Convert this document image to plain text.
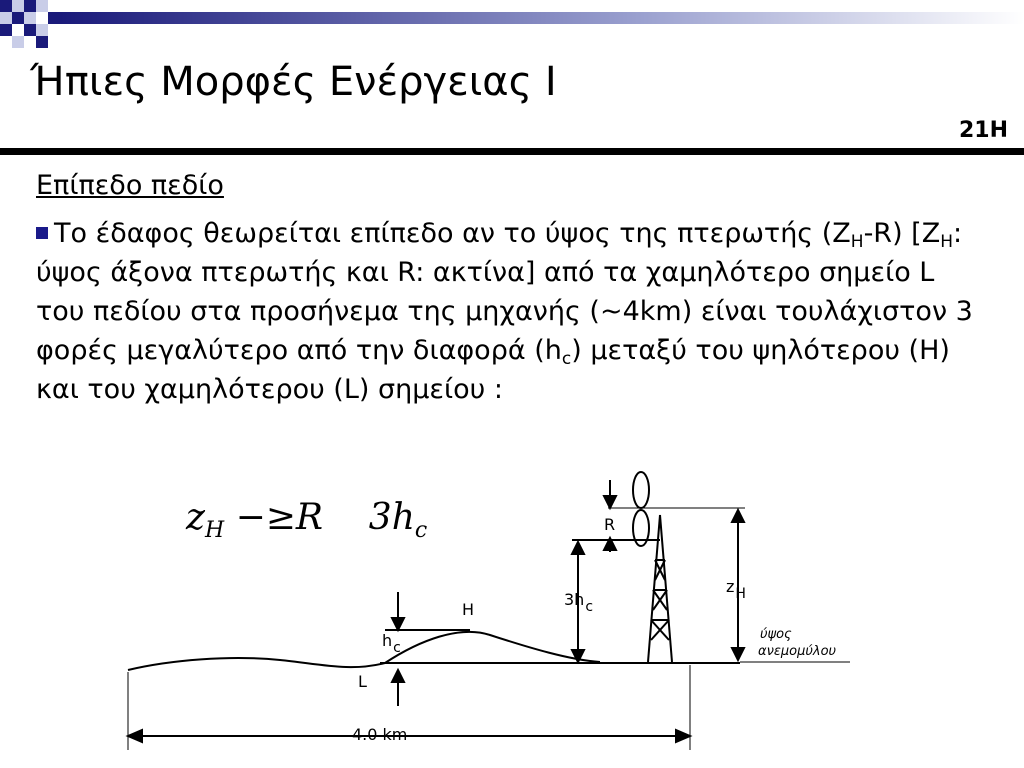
Ήπιες Μορφές Ενέργειας Ι
21Η
Επίπεδο πεδίο
Το έδαφος θεωρείται επίπεδο αν το ύψος της πτερωτής $(Z_H-R)$ [$Z_H$: ύψος άξονα πτερωτής και R: ακτίνα] από τα χαμηλότερο σημείο L του πεδίου στα προσήνεμα της μηχανής (~4km) είναι τουλάχιστον 3 φορές μεγαλύτερο από την διαφορά $(h_c)$ μεταξύ του ψηλότερου (H) και του χαμηλότερου (L) σημείου :
$z_H -\ge R$    $3h_c$	R
zH
3hc
H
hc
L
4.0 km
ύψος
ανεμομύλου
